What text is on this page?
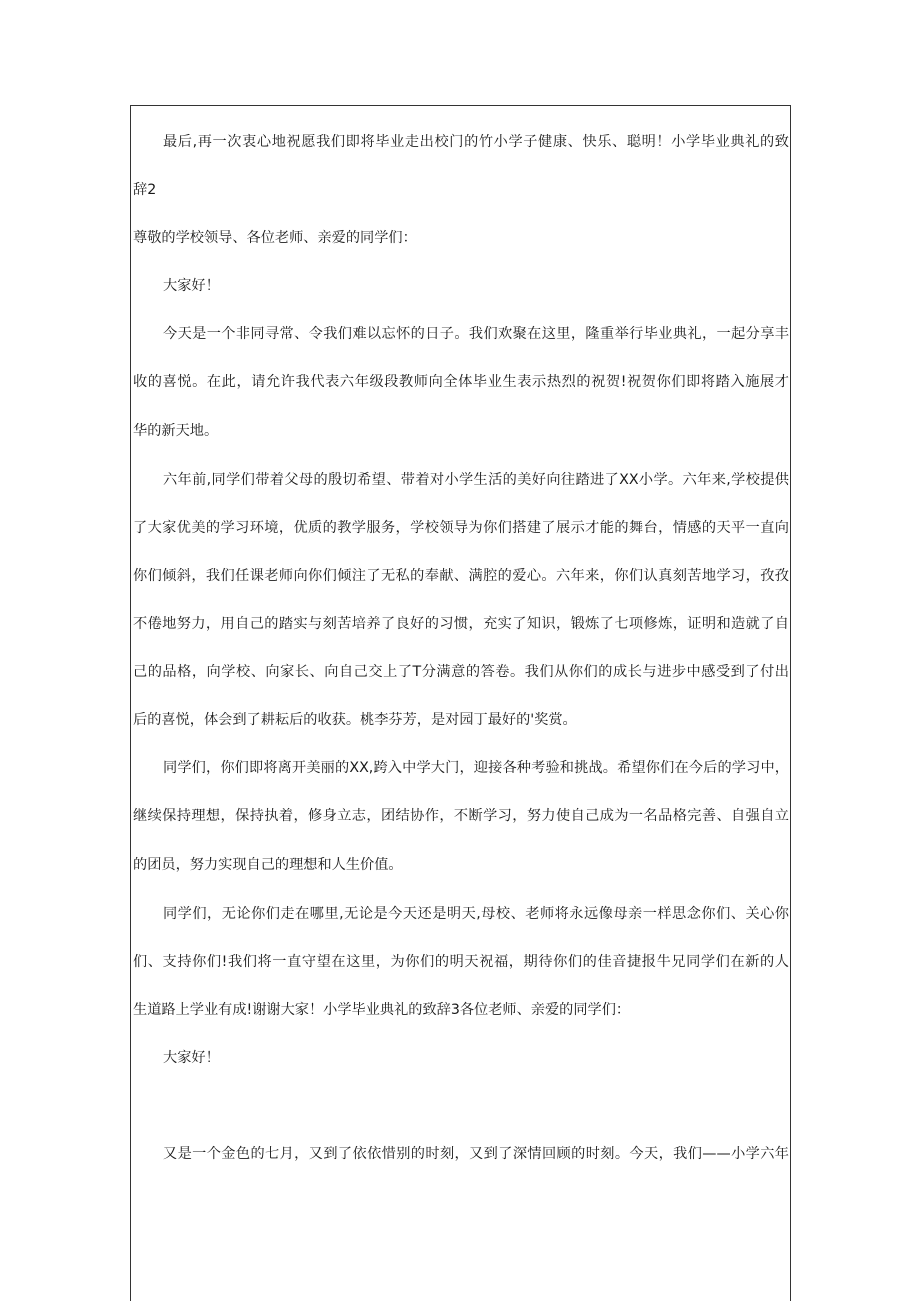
最后,再一次衷心地祝愿我们即将毕业走出校门的竹小学子健康、快乐、聪明！小学毕业典礼的致
辞2
尊敬的学校领导、各位老师、亲爱的同学们：
大家好！
今天是一个非同寻常、令我们难以忘怀的日子。我们欢聚在这里，隆重举行毕业典礼，一起分享丰
收的喜悦。在此，请允许我代表六年级段教师向全体毕业生表示热烈的祝贺!祝贺你们即将踏入施展才
华的新天地。
六年前,同学们带着父母的殷切希望、带着对小学生活的美好向往踏进了XX小学。六年来,学校提供
了大家优美的学习环境，优质的教学服务，学校领导为你们搭建了展示才能的舞台，情感的天平一直向
你们倾斜，我们任课老师向你们倾注了无私的奉献、满腔的爱心。六年来，你们认真刻苦地学习，孜孜
不倦地努力，用自己的踏实与刻苦培养了良好的习惯，充实了知识，锻炼了七项修炼，证明和造就了自
己的品格，向学校、向家长、向自己交上了T分满意的答卷。我们从你们的成长与进步中感受到了付出
后的喜悦，体会到了耕耘后的收获。桃李芬芳，是对园丁最好的'奖赏。
同学们，你们即将离开美丽的XX,跨入中学大门，迎接各种考验和挑战。希望你们在今后的学习中，
继续保持理想，保持执着，修身立志，团结协作，不断学习，努力使自己成为一名品格完善、自强自立
的团员，努力实现自己的理想和人生价值。
同学们，无论你们走在哪里,无论是今天还是明天,母校、老师将永远像母亲一样思念你们、关心你
们、支持你们!我们将一直守望在这里，为你们的明天祝福，期待你们的佳音捷报牛兄同学们在新的人
生道路上学业有成!谢谢大家！小学毕业典礼的致辞3各位老师、亲爱的同学们：
大家好！
又是一个金色的七月，又到了依依惜别的时刻，又到了深情回顾的时刻。今天，我们——小学六年
